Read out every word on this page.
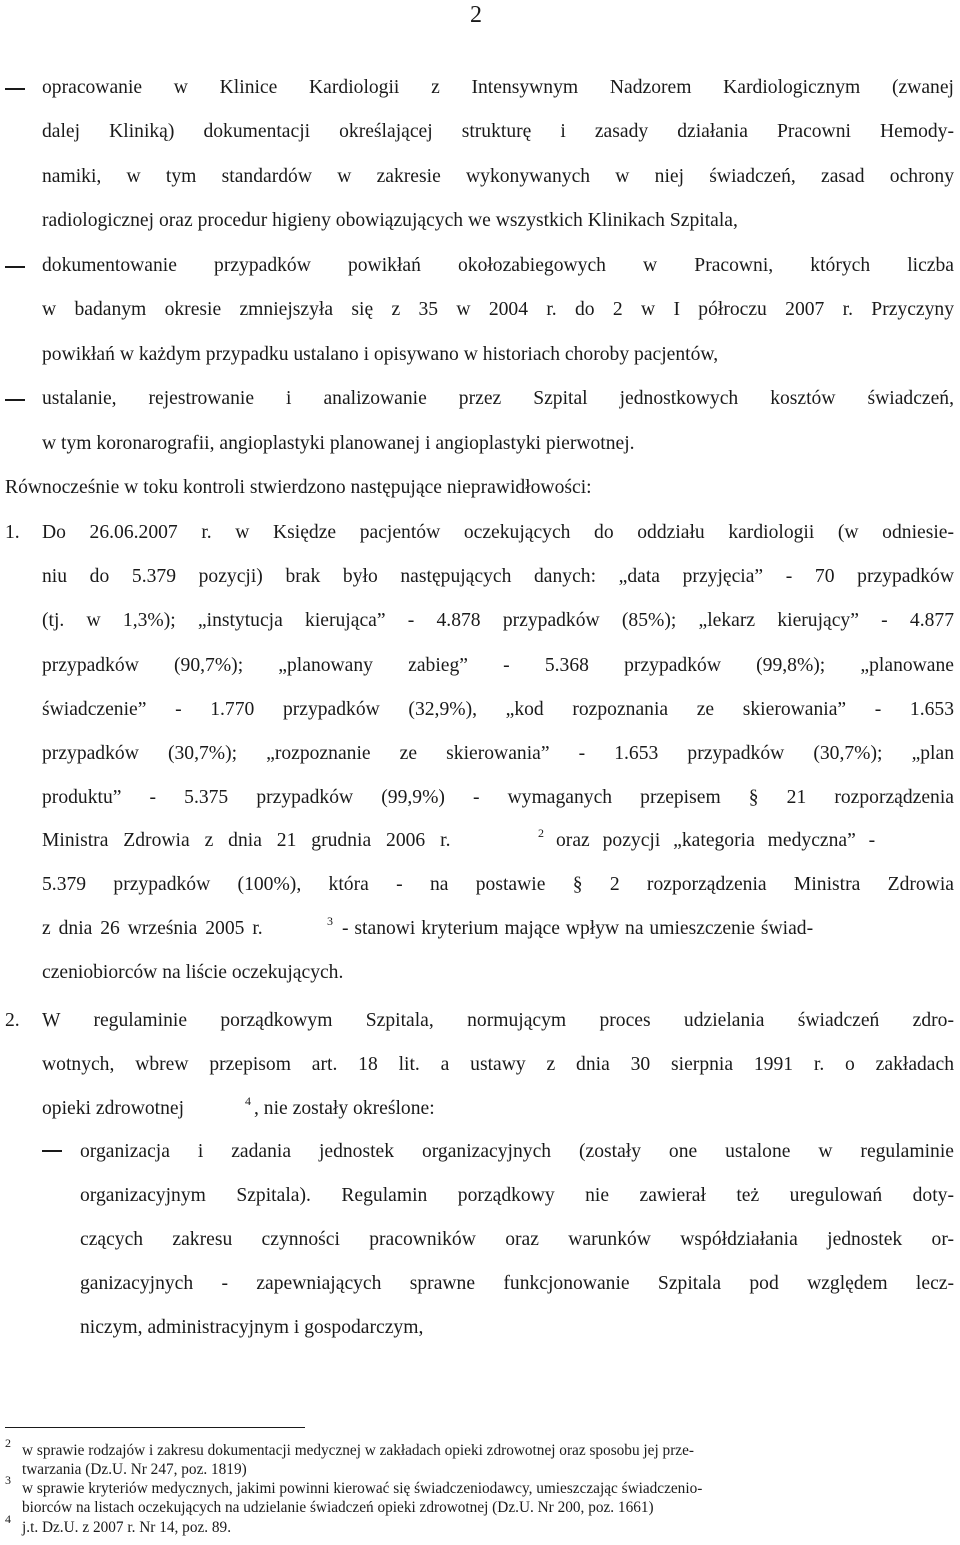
2
opracowanie w Klinice Kardiologii z Intensywnym Nadzorem Kardiologicznym (zwanej
dalej Kliniką) dokumentacji określającej strukturę i zasady działania Pracowni Hemody-
namiki, w tym standardów w zakresie wykonywanych w niej świadczeń, zasad ochrony
radiologicznej oraz procedur higieny obowiązujących we wszystkich Klinikach Szpitala,
dokumentowanie przypadków powikłań okołozabiegowych w Pracowni, których liczba
w badanym okresie zmniejszyła się z 35 w 2004 r. do 2 w I półroczu 2007 r. Przyczyny
powikłań w każdym przypadku ustalano i opisywano w historiach choroby pacjentów,
ustalanie, rejestrowanie i analizowanie przez Szpital jednostkowych kosztów świadczeń,
w tym koronarografii, angioplastyki planowanej i angioplastyki pierwotnej.
Równocześnie w toku kontroli stwierdzono następujące nieprawidłowości:
1. Do 26.06.2007 r. w Księdze pacjentów oczekujących do oddziału kardiologii (w odniesie-
niu do 5.379 pozycji) brak było następujących danych: „data przyjęcia” - 70 przypadków
(tj. w 1,3%); „instytucja kierująca” - 4.878 przypadków (85%); „lekarz kierujący” - 4.877
przypadków (90,7%); „planowany zabieg” - 5.368 przypadków (99,8%); „planowane
świadczenie” - 1.770 przypadków (32,9%), „kod rozpoznania ze skierowania” - 1.653
przypadków (30,7%); „rozpoznanie ze skierowania” - 1.653 przypadków (30,7%); „plan
produktu” - 5.375 przypadków (99,9%) - wymaganych przepisem § 21 rozporządzenia
Ministra Zdrowia z dnia 21 grudnia 2006 r.	2 oraz pozycji „kategoria medyczna” -
5.379 przypadków (100%), która - na postawie § 2 rozporządzenia Ministra Zdrowia
z dnia 26 września 2005 r.	3 - stanowi kryterium mające wpływ na umieszczenie świad-
czeniobiorców na liście oczekujących.
2. W regulaminie porządkowym Szpitala, normującym proces udzielania świadczeń zdro-
wotnych, wbrew przepisom art. 18 lit. a ustawy z dnia 30 sierpnia 1991 r. o zakładach
opieki zdrowotnej	4 , nie zostały określone:
organizacja i zadania jednostek organizacyjnych (zostały one ustalone w regulaminie
organizacyjnym Szpitala). Regulamin porządkowy nie zawierał też uregulowań doty-
czących zakresu czynności pracowników oraz warunków współdziałania jednostek or-
ganizacyjnych - zapewniających sprawne funkcjonowanie Szpitala pod względem lecz-
niczym, administracyjnym i gospodarczym,
2 w sprawie rodzajów i zakresu dokumentacji medycznej w zakładach opieki zdrowotnej oraz sposobu jej prze-
twarzania (Dz.U. Nr 247, poz. 1819)
3 w sprawie kryteriów medycznych, jakimi powinni kierować się świadczeniodawcy, umieszczając świadczenio-
biorców na listach oczekujących na udzielanie świadczeń opieki zdrowotnej (Dz.U. Nr 200, poz. 1661)
4 j.t. Dz.U. z 2007 r. Nr 14, poz. 89.
